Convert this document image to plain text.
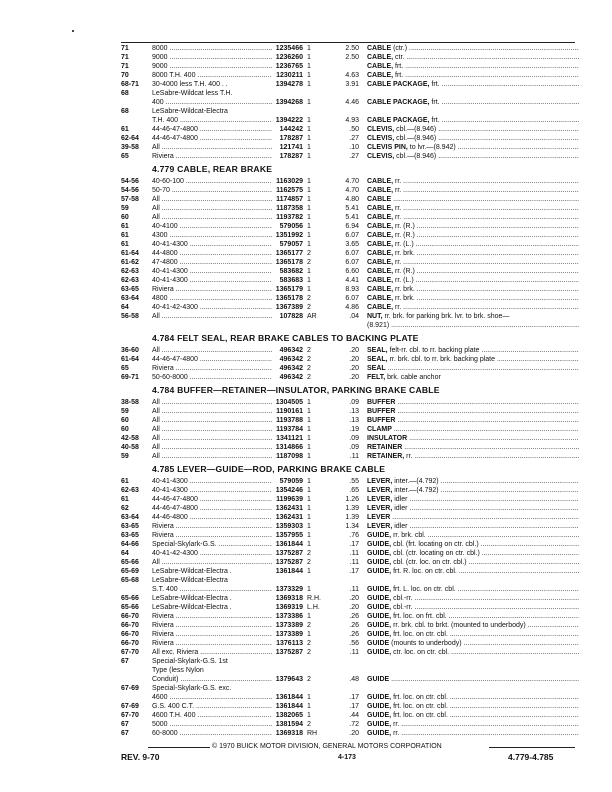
71	8000 .....	1235466 1	2.50 CABLE (ctr.) .....
71	9000 .....	1236260 1	2.50 CABLE, ctr. .....
71	9000 .....	1236765 1	CABLE, frt. .....
70	8000 T.H. 400 .....	1230211 1	4.63 CABLE, frt. .....
68-71	30-4000 less T.H. 400 . .	1394278 1	3.91 CABLE PACKAGE, frt. .....
68	LeSabre-Wildcat less T.H.
400 .....	1394268 1	4.46 CABLE PACKAGE, frt. .....
68	LeSabre-Wildcat-Electra
T.H. 400 .....	1394222 1	4.93 CABLE PACKAGE, frt. .....
61	44-46-47-4800 .....	144242 1	.50 CLEVIS, cbl.—(8.946) .....
62-64	44-46-47-4800 .....	178287 1	.27 CLEVIS, cbl.—(8.946) .....
39-58	All .....	121741 1	.10 CLEVIS PIN, to lvr.—(8.942) .....
65	Riviera .....	178287 1	.27 CLEVIS, cbl.—(8.946) .....
4.779 CABLE, REAR BRAKE
54-56	40-60-100 .....	1163029 1	4.70 CABLE, rr. .....
54-56	50-70 .....	1162575 1	4.70 CABLE, rr. .....
57-58	All .....	1174857 1	4.80 CABLE .....
59	All .....	1187358 1	5.41 CABLE, rr. .....
60	All .....	1193782 1	5.41 CABLE, rr. .....
61	40-4100 .....	579056 1	6.94 CABLE, rr. (R.) .....
61	4300 .....	1351992 1	6.07 CABLE, rr. (R.) .....
61	40-41-4300 .....	579057 1	3.65 CABLE, rr. (L.) .....
61-64	44-4800 .....	1365177 2	6.07 CABLE, rr. brk. .....
61-62	47-4800 .....	1365178 2	6.07 CABLE, rr. .....
62-63	40-41-4300 .....	583682 1	6.60 CABLE, rr. (R.) .....
62-63	40-41-4300 .....	583683 1	4.41 CABLE, rr. (L.) .....
63-65	Riviera .....	1365179 1	8.93 CABLE, rr. brk. .....
63-64	4800 .....	1365178 2	6.07 CABLE, rr. brk. .....
64	40-41-42-4300 .....	1367389 2	4.86 CABLE, rr. .....
56-58	All .....	107828 AR	.04 NUT, rr. brk. for parking brk. lvr. to brk. shoe—
(8.921) .....
4.784 FELT SEAL, REAR BRAKE CABLES TO BACKING PLATE
36-60	All .....	496342 2	.20 SEAL, felt-rr. cbl. to rr. backing plate .....
61-64	44-46-47-4800 .....	496342 2	.20 SEAL, rr. brk. cbl. to rr. brk. backing plate .....
65	Riviera .....	496342 2	.20 SEAL .....
69-71	50-60-8000 .....	496342 2	.20 FELT, brk. cable anchor
4.784 BUFFER—RETAINER—INSULATOR, PARKING BRAKE CABLE
38-58	All .....	1304505 1	.09 BUFFER .....
59	All .....	1190161 1	.13 BUFFER .....
60	All .....	1193788 1	.13 BUFFER .....
60	All .....	1193784 1	.19 CLAMP .....
42-58	All .....	1341121 1	.09 INSULATOR .....
40-58	All .....	1314866 1	.09 RETAINER .....
59	All .....	1187098 1	.11 RETAINER, rr. .....
4.785 LEVER—GUIDE—ROD, PARKING BRAKE CABLE
61	40-41-4300 .....	579059 1	.55 LEVER, inter.—(4.792) .....
62-63	40-41-4300 .....	1354246 1	.65 LEVER, inter.—(4.792) .....
61	44-46-47-4800 .....	1199639 1	1.26 LEVER, idler .....
62	44-46-47-4800 .....	1362431 1	1.39 LEVER, idler .....
63-64	44-46-4800 .....	1362431 1	1.39 LEVER .....
63-65	Riviera .....	1359303 1	1.34 LEVER, idler .....
63-65	Riviera .....	1357955 1	.76 GUIDE, rr. brk. cbl. .....
64-66	Special-Skylark-G.S. .....	1361844 1	.17 GUIDE, cbl. (frt. locating on ctr. cbl.) .....
64	40-41-42-4300 .....	1375287 2	.11 GUIDE, cbl. (ctr. locating on ctr. cbl.) .....
65-66	All .....	1375287 2	.11 GUIDE, cbl. (ctr. loc. on ctr. cbl.) .....
65-69	LeSabre-Wildcat-Electra .	1361844 1	.17 GUIDE, frt. R. loc. on ctr. cbl. .....
65-68	LeSabre-Wildcat-Electra
S.T. 400 .....	1373329 1	.11 GUIDE, frt. L. loc. on ctr. cbl. .....
65-66	LeSabre-Wildcat-Electra .	1369318 R.H.	.20 GUIDE, cbl.-rr. .....
65-66	LeSabre-Wildcat-Electra .	1369319 L.H.	.20 GUIDE, cbl.-rr. .....
66-70	Riviera .....	1373386 1	.26 GUIDE, frt. loc. on frt. cbl. .....
66-70	Riviera .....	1373389 2	.26 GUIDE, rr. brk. cbl. to brkt. (mounted to underbody) .....
66-70	Riviera .....	1373389 1	.26 GUIDE, frt. loc. on ctr. cbl. .....
66-70	Riviera .....	1376113 2	.56 GUIDE (mounts to underbody) .....
67-70	All exc. Riviera .....	1375287 2	.11 GUIDE, ctr. loc. on ctr. cbl. .....
67	Special-Skylark-G.S. 1st
Type (less Nylon
Conduit) .....	1379643 2	.48 GUIDE .....
67-69	Special-Skylark-G.S. exc.
4600 .....	1361844 1	.17 GUIDE, frt. loc. on ctr. cbl. .....
67-69	G.S. 400 C.T. .....	1361844 1	.17 GUIDE, frt. loc. on ctr. cbl. .....
67-70	4600 T.H. 400 .....	1382065 1	.44 GUIDE, frt. loc. on ctr. cbl. .....
67	5000 .....	1381594 2	.72 GUIDE, rr. .....
67	60-8000 .....	1369318 RH	.20 GUIDE, rr. .....
© 1970 BUICK MOTOR DIVISION, GENERAL MOTORS CORPORATION
REV. 9-70	4-173	4.779-4.785
